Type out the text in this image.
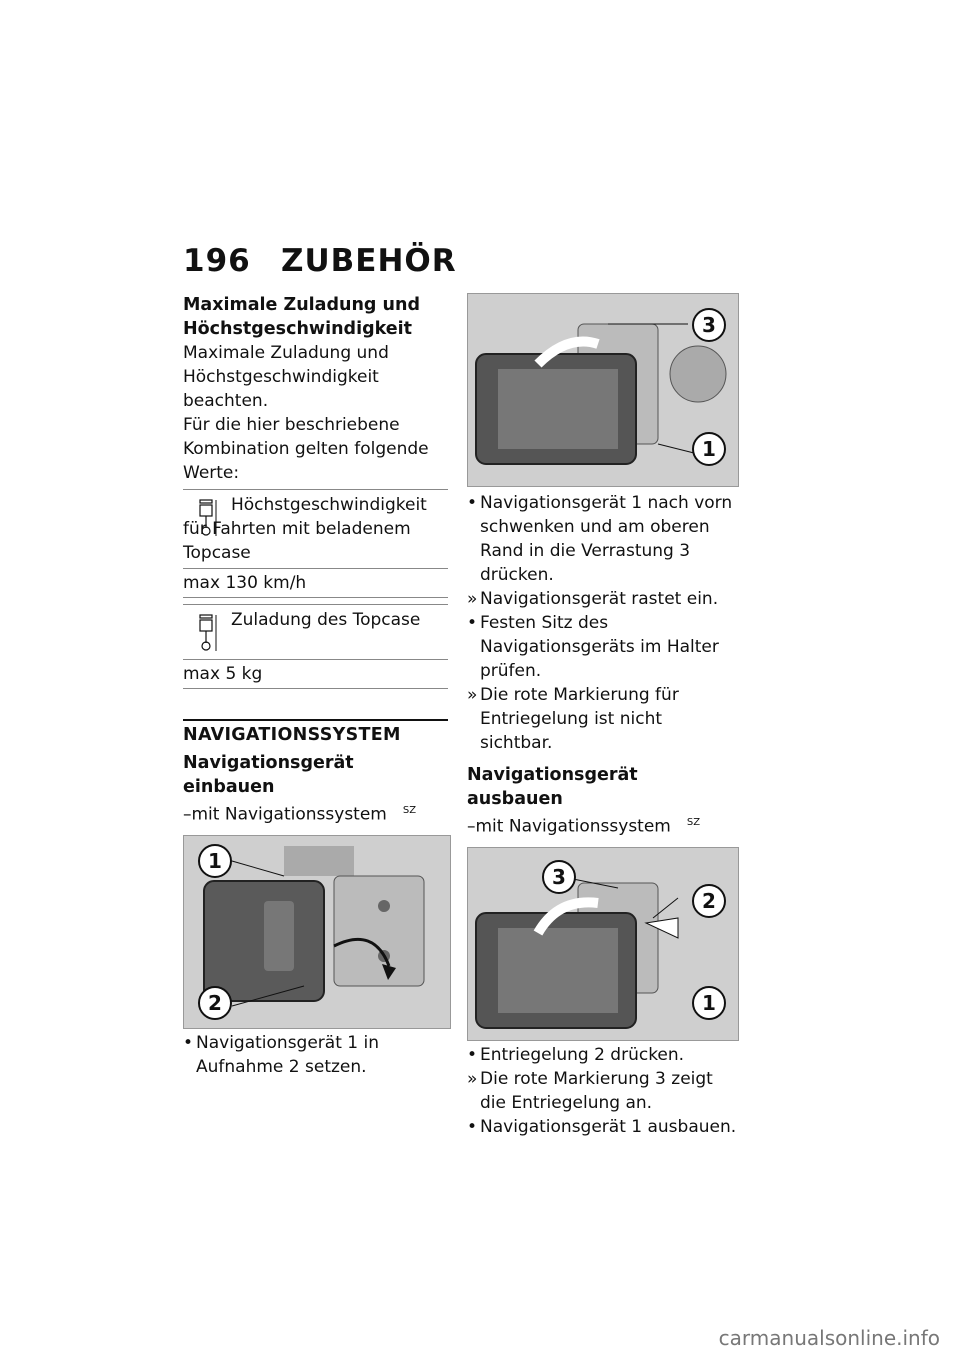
196 ZUBEHÖR
Maximale Zuladung und Höchstgeschwindigkeit
Maximale Zuladung und Höchstgeschwindigkeit beachten.
Für die hier beschriebene Kombination gelten folgende Werte:
Höchstgeschwindigkeit für Fahrten mit beladenem Topcase
max 130 km/h
Zuladung des Topcase
max 5 kg
NAVIGATIONSSYSTEM
Navigationsgerät einbauen
–mit Navigationssystem $^{SZ}$
1
2
• Navigationsgerät 1 in Aufnahme 2 setzen.
3
1
• Navigationsgerät 1 nach vorn schwenken und am oberen Rand in die Verrastung 3 drücken.
» Navigationsgerät rastet ein.
• Festen Sitz des Navigationsgeräts im Halter prüfen.
» Die rote Markierung für Entriegelung ist nicht sichtbar.
Navigationsgerät ausbauen
–mit Navigationssystem $^{SZ}$
3
2
1
• Entriegelung 2 drücken.
» Die rote Markierung 3 zeigt die Entriegelung an.
• Navigationsgerät 1 ausbauen.
carmanualsonline.info
